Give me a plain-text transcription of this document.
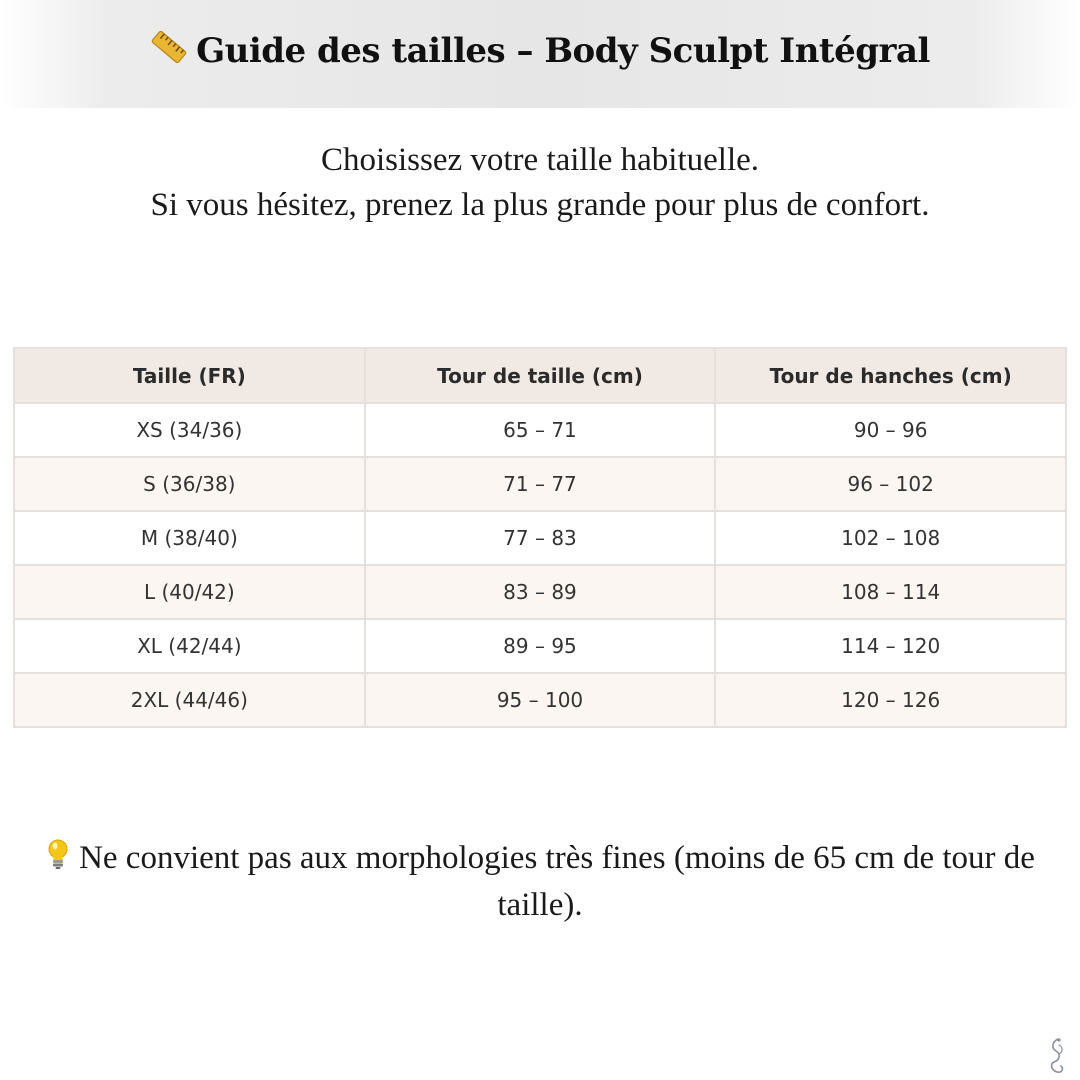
Guide des tailles – Body Sculpt Intégral
Choisissez votre taille habituelle.
Si vous hésitez, prenez la plus grande pour plus de confort.
Taille (FR)	Tour de taille (cm)	Tour de hanches (cm)
XS (34/36)	65 – 71	90 – 96
S (36/38)	71 – 77	96 – 102
M (38/40)	77 – 83	102 – 108
L (40/42)	83 – 89	108 – 114
XL (42/44)	89 – 95	114 – 120
2XL (44/46)	95 – 100	120 – 126
Ne convient pas aux morphologies très fines (moins de 65 cm de tour de taille).
